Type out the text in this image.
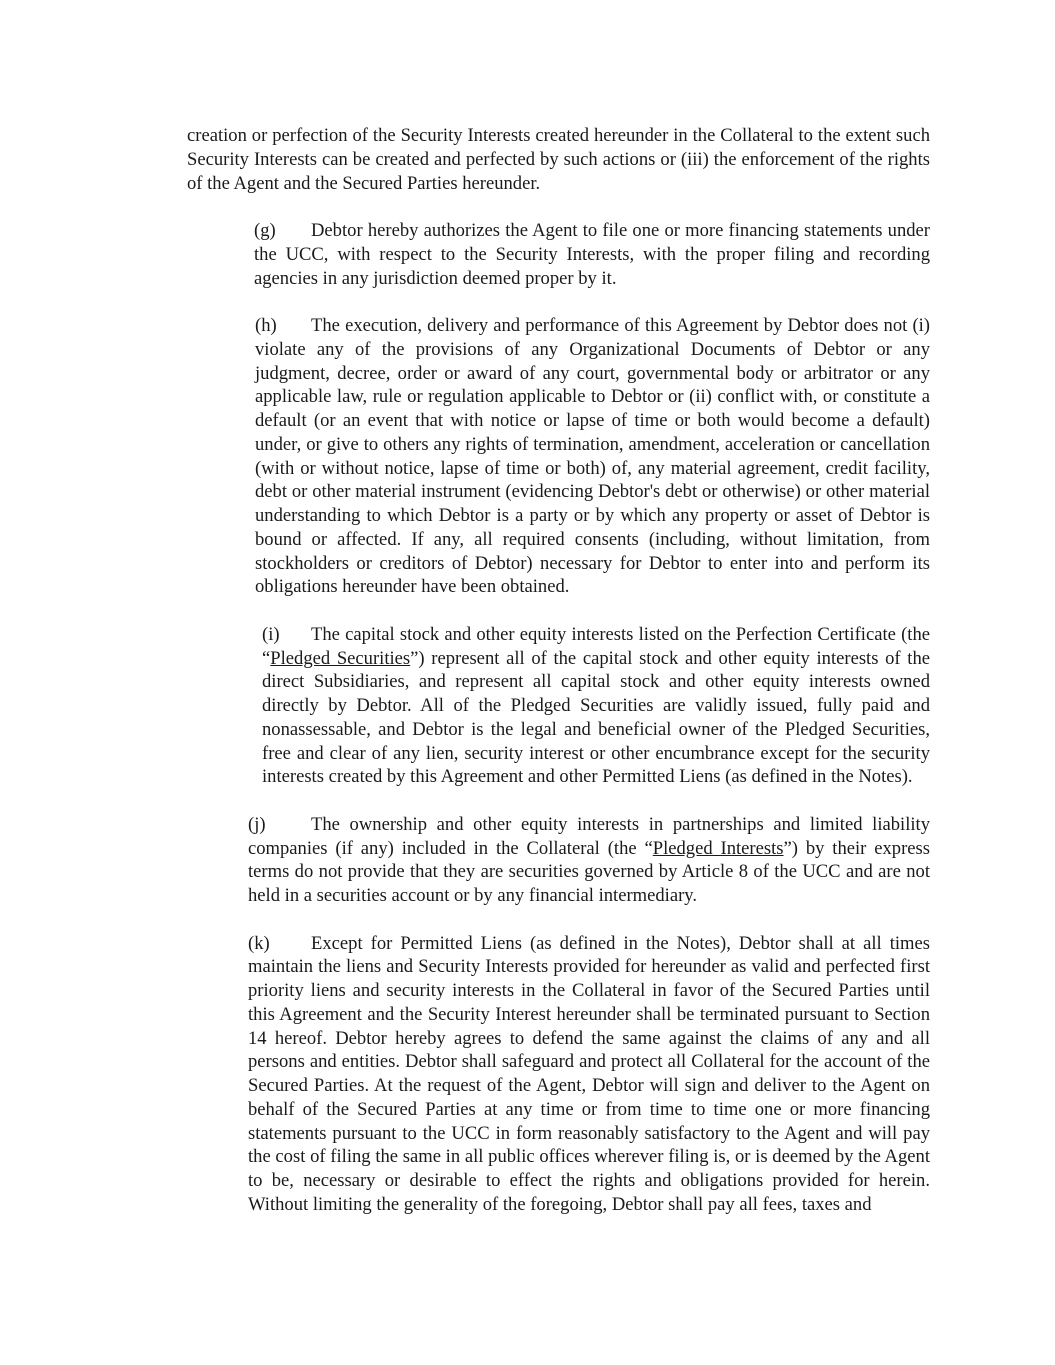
creation or perfection of the Security Interests created hereunder in the Collateral to the extent such Security Interests can be created and perfected by such actions or (iii) the enforcement of the rights of the Agent and the Secured Parties hereunder.

(g) Debtor hereby authorizes the Agent to file one or more financing statements under the UCC, with respect to the Security Interests, with the proper filing and recording agencies in any jurisdiction deemed proper by it.

(h) The execution, delivery and performance of this Agreement by Debtor does not (i) violate any of the provisions of any Organizational Documents of Debtor or any judgment, decree, order or award of any court, governmental body or arbitrator or any applicable law, rule or regulation applicable to Debtor or (ii) conflict with, or constitute a default (or an event that with notice or lapse of time or both would become a default) under, or give to others any rights of termination, amendment, acceleration or cancellation (with or without notice, lapse of time or both) of, any material agreement, credit facility, debt or other material instrument (evidencing Debtor's debt or otherwise) or other material understanding to which Debtor is a party or by which any property or asset of Debtor is bound or affected. If any, all required consents (including, without limitation, from stockholders or creditors of Debtor) necessary for Debtor to enter into and perform its obligations hereunder have been obtained.

(i) The capital stock and other equity interests listed on the Perfection Certificate (the “Pledged Securities”) represent all of the capital stock and other equity interests of the direct Subsidiaries, and represent all capital stock and other equity interests owned directly by Debtor. All of the Pledged Securities are validly issued, fully paid and nonassessable, and Debtor is the legal and beneficial owner of the Pledged Securities, free and clear of any lien, security interest or other encumbrance except for the security interests created by this Agreement and other Permitted Liens (as defined in the Notes).

(j) The ownership and other equity interests in partnerships and limited liability companies (if any) included in the Collateral (the “Pledged Interests”) by their express terms do not provide that they are securities governed by Article 8 of the UCC and are not held in a securities account or by any financial intermediary.

(k) Except for Permitted Liens (as defined in the Notes), Debtor shall at all times maintain the liens and Security Interests provided for hereunder as valid and perfected first priority liens and security interests in the Collateral in favor of the Secured Parties until this Agreement and the Security Interest hereunder shall be terminated pursuant to Section 14 hereof. Debtor hereby agrees to defend the same against the claims of any and all persons and entities. Debtor shall safeguard and protect all Collateral for the account of the Secured Parties. At the request of the Agent, Debtor will sign and deliver to the Agent on behalf of the Secured Parties at any time or from time to time one or more financing statements pursuant to the UCC in form reasonably satisfactory to the Agent and will pay the cost of filing the same in all public offices wherever filing is, or is deemed by the Agent to be, necessary or desirable to effect the rights and obligations provided for herein. Without limiting the generality of the foregoing, Debtor shall pay all fees, taxes and
